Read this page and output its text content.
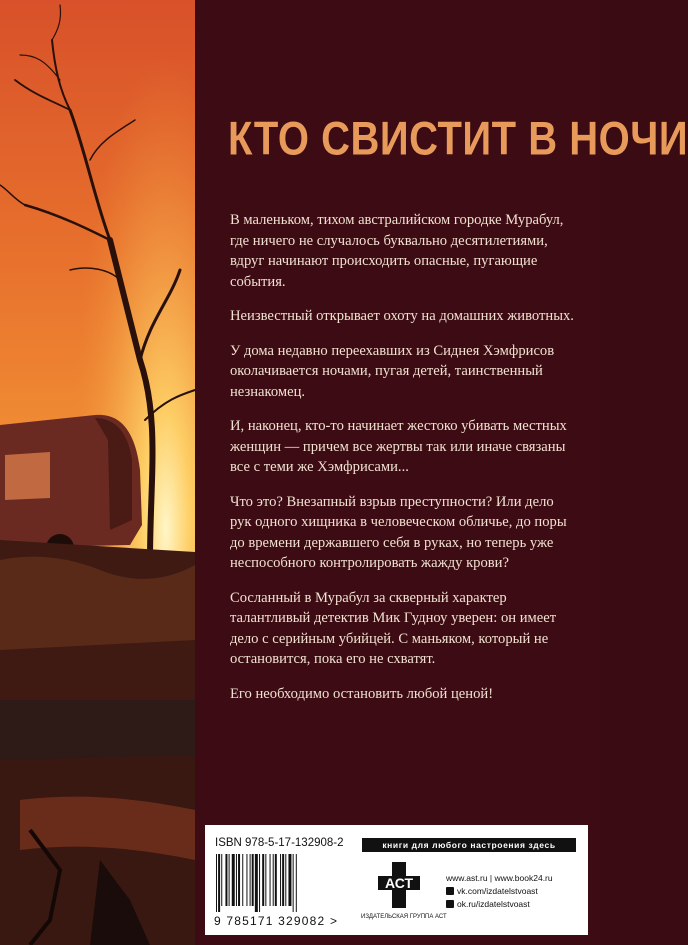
КТО СВИСТИТ В НОЧИ

В маленьком, тихом австралийском городке Мурабул, где ничего не случалось буквально десятилетиями, вдруг начинают происходить опасные, пугающие события.

Неизвестный открывает охоту на домашних животных.

У дома недавно переехавших из Сиднея Хэмфрисов околачивается ночами, пугая детей, таинственный незнакомец.

И, наконец, кто-то начинает жестоко убивать местных женщин — причем все жертвы так или иначе связаны все с теми же Хэмфрисами...

Что это? Внезапный взрыв преступности? Или дело рук одного хищника в человеческом обличье, до поры до времени державшего себя в руках, но теперь уже неспособного контролировать жажду крови?

Сосланный в Мурабул за скверный характер талантливый детектив Мик Гудноу уверен: он имеет дело с серийным убийцей. С маньяком, который не остановится, пока его не схватят.

Его необходимо остановить любой ценой!

ISBN 978-5-17-132908-2
9 785171 329082 >
книги для любого настроения здесь
АСТ
ИЗДАТЕЛЬСКАЯ ГРУППА АСТ
www.ast.ru | www.book24.ru
vk.com/izdatelstvoast
ok.ru/izdatelstvoast
